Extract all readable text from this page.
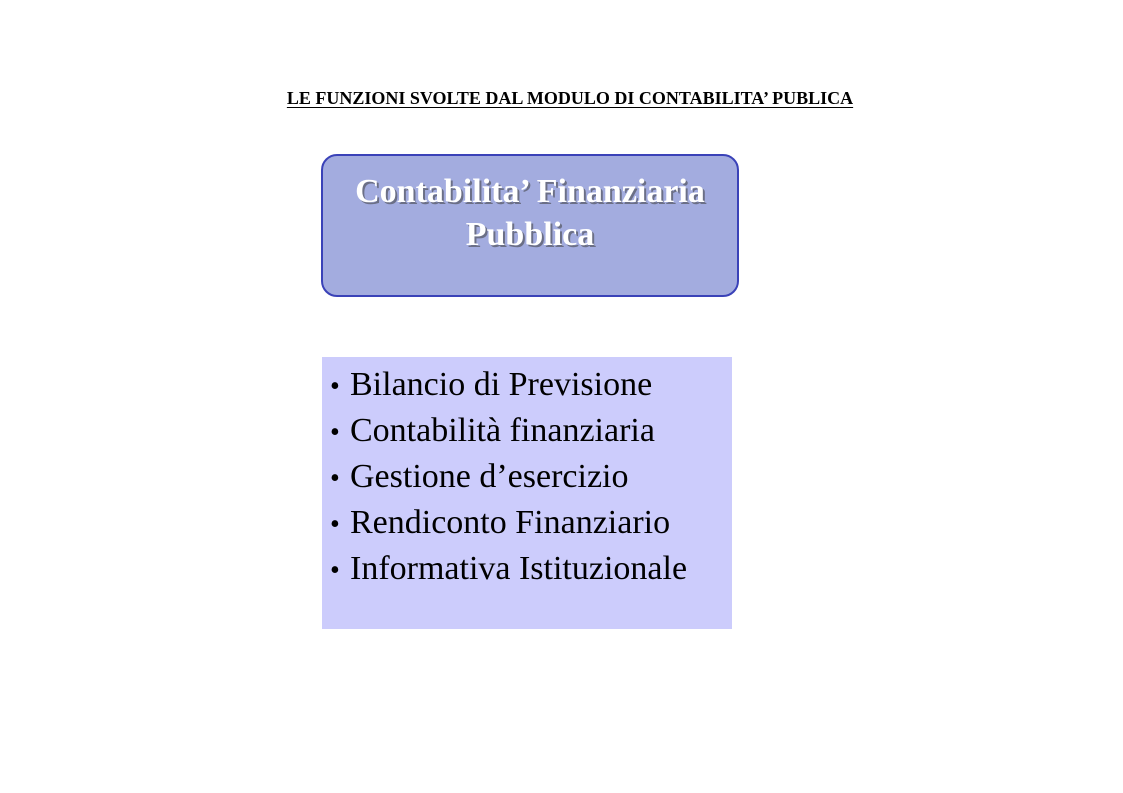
LE FUNZIONI SVOLTE DAL MODULO DI CONTABILITA’ PUBLICA
Contabilita’ Finanziaria
Pubblica
• Bilancio di Previsione
• Contabilità finanziaria
• Gestione d’esercizio
• Rendiconto Finanziario
• Informativa Istituzionale
